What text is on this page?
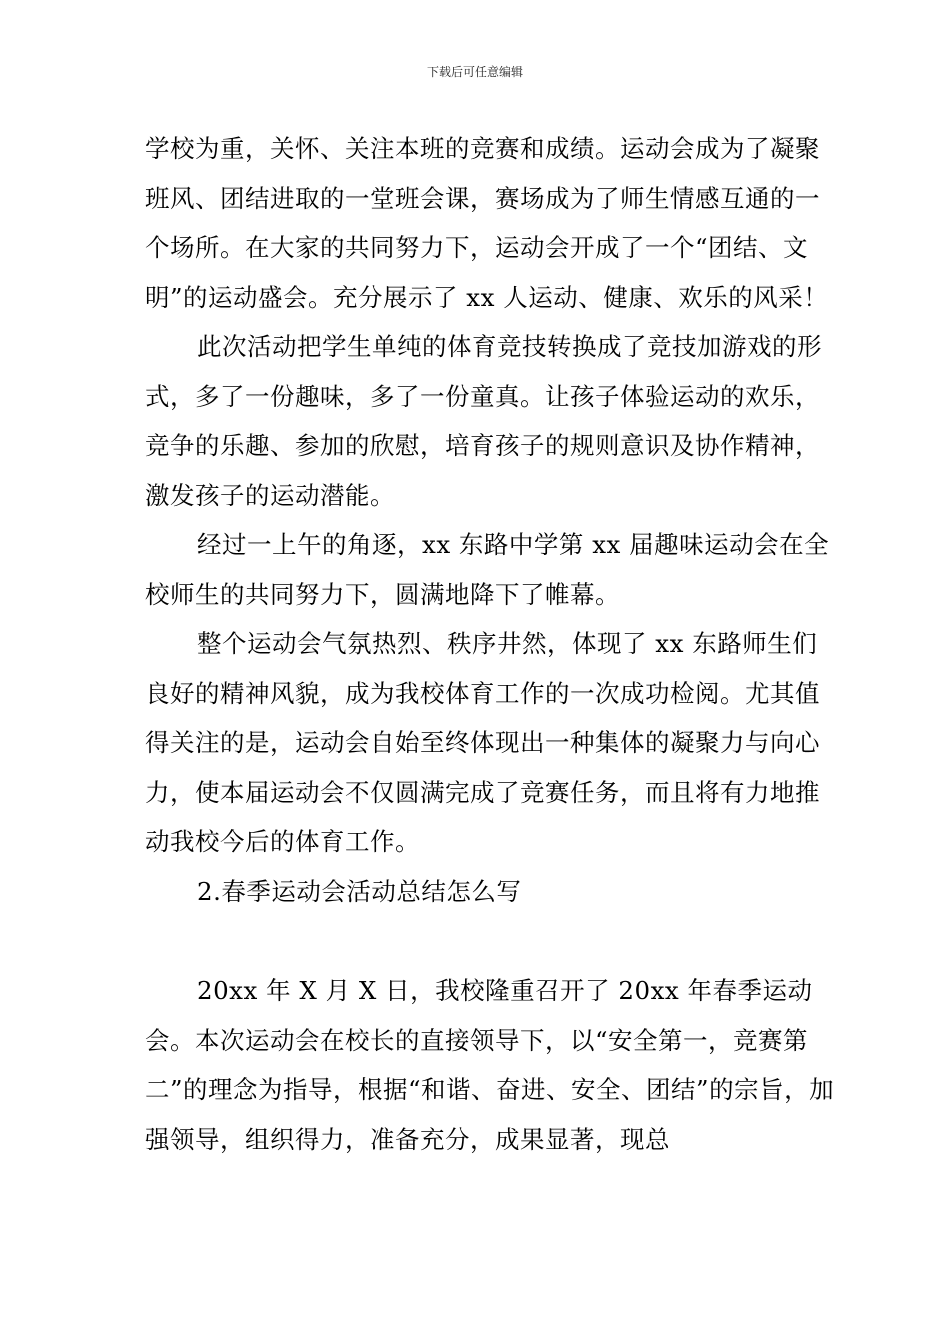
下载后可任意编辑

学校为重，关怀、关注本班的竞赛和成绩。运动会成为了凝聚班风、团结进取的一堂班会课，赛场成为了师生情感互通的一个场所。在大家的共同努力下，运动会开成了一个“团结、文明”的运动盛会。充分展示了 xx 人运动、健康、欢乐的风采！

此次活动把学生单纯的体育竞技转换成了竞技加游戏的形式，多了一份趣味，多了一份童真。让孩子体验运动的欢乐，竞争的乐趣、参加的欣慰，培育孩子的规则意识及协作精神，激发孩子的运动潜能。

经过一上午的角逐，xx 东路中学第 xx 届趣味运动会在全校师生的共同努力下，圆满地降下了帷幕。

整个运动会气氛热烈、秩序井然，体现了 xx 东路师生们良好的精神风貌，成为我校体育工作的一次成功检阅。尤其值得关注的是，运动会自始至终体现出一种集体的凝聚力与向心力，使本届运动会不仅圆满完成了竞赛任务，而且将有力地推动我校今后的体育工作。

2.春季运动会活动总结怎么写

20xx 年 X 月 X 日，我校隆重召开了 20xx 年春季运动会。本次运动会在校长的直接领导下，以“安全第一，竞赛第二”的理念为指导，根据“和谐、奋进、安全、团结”的宗旨，加强领导，组织得力，准备充分，成果显著，现总
